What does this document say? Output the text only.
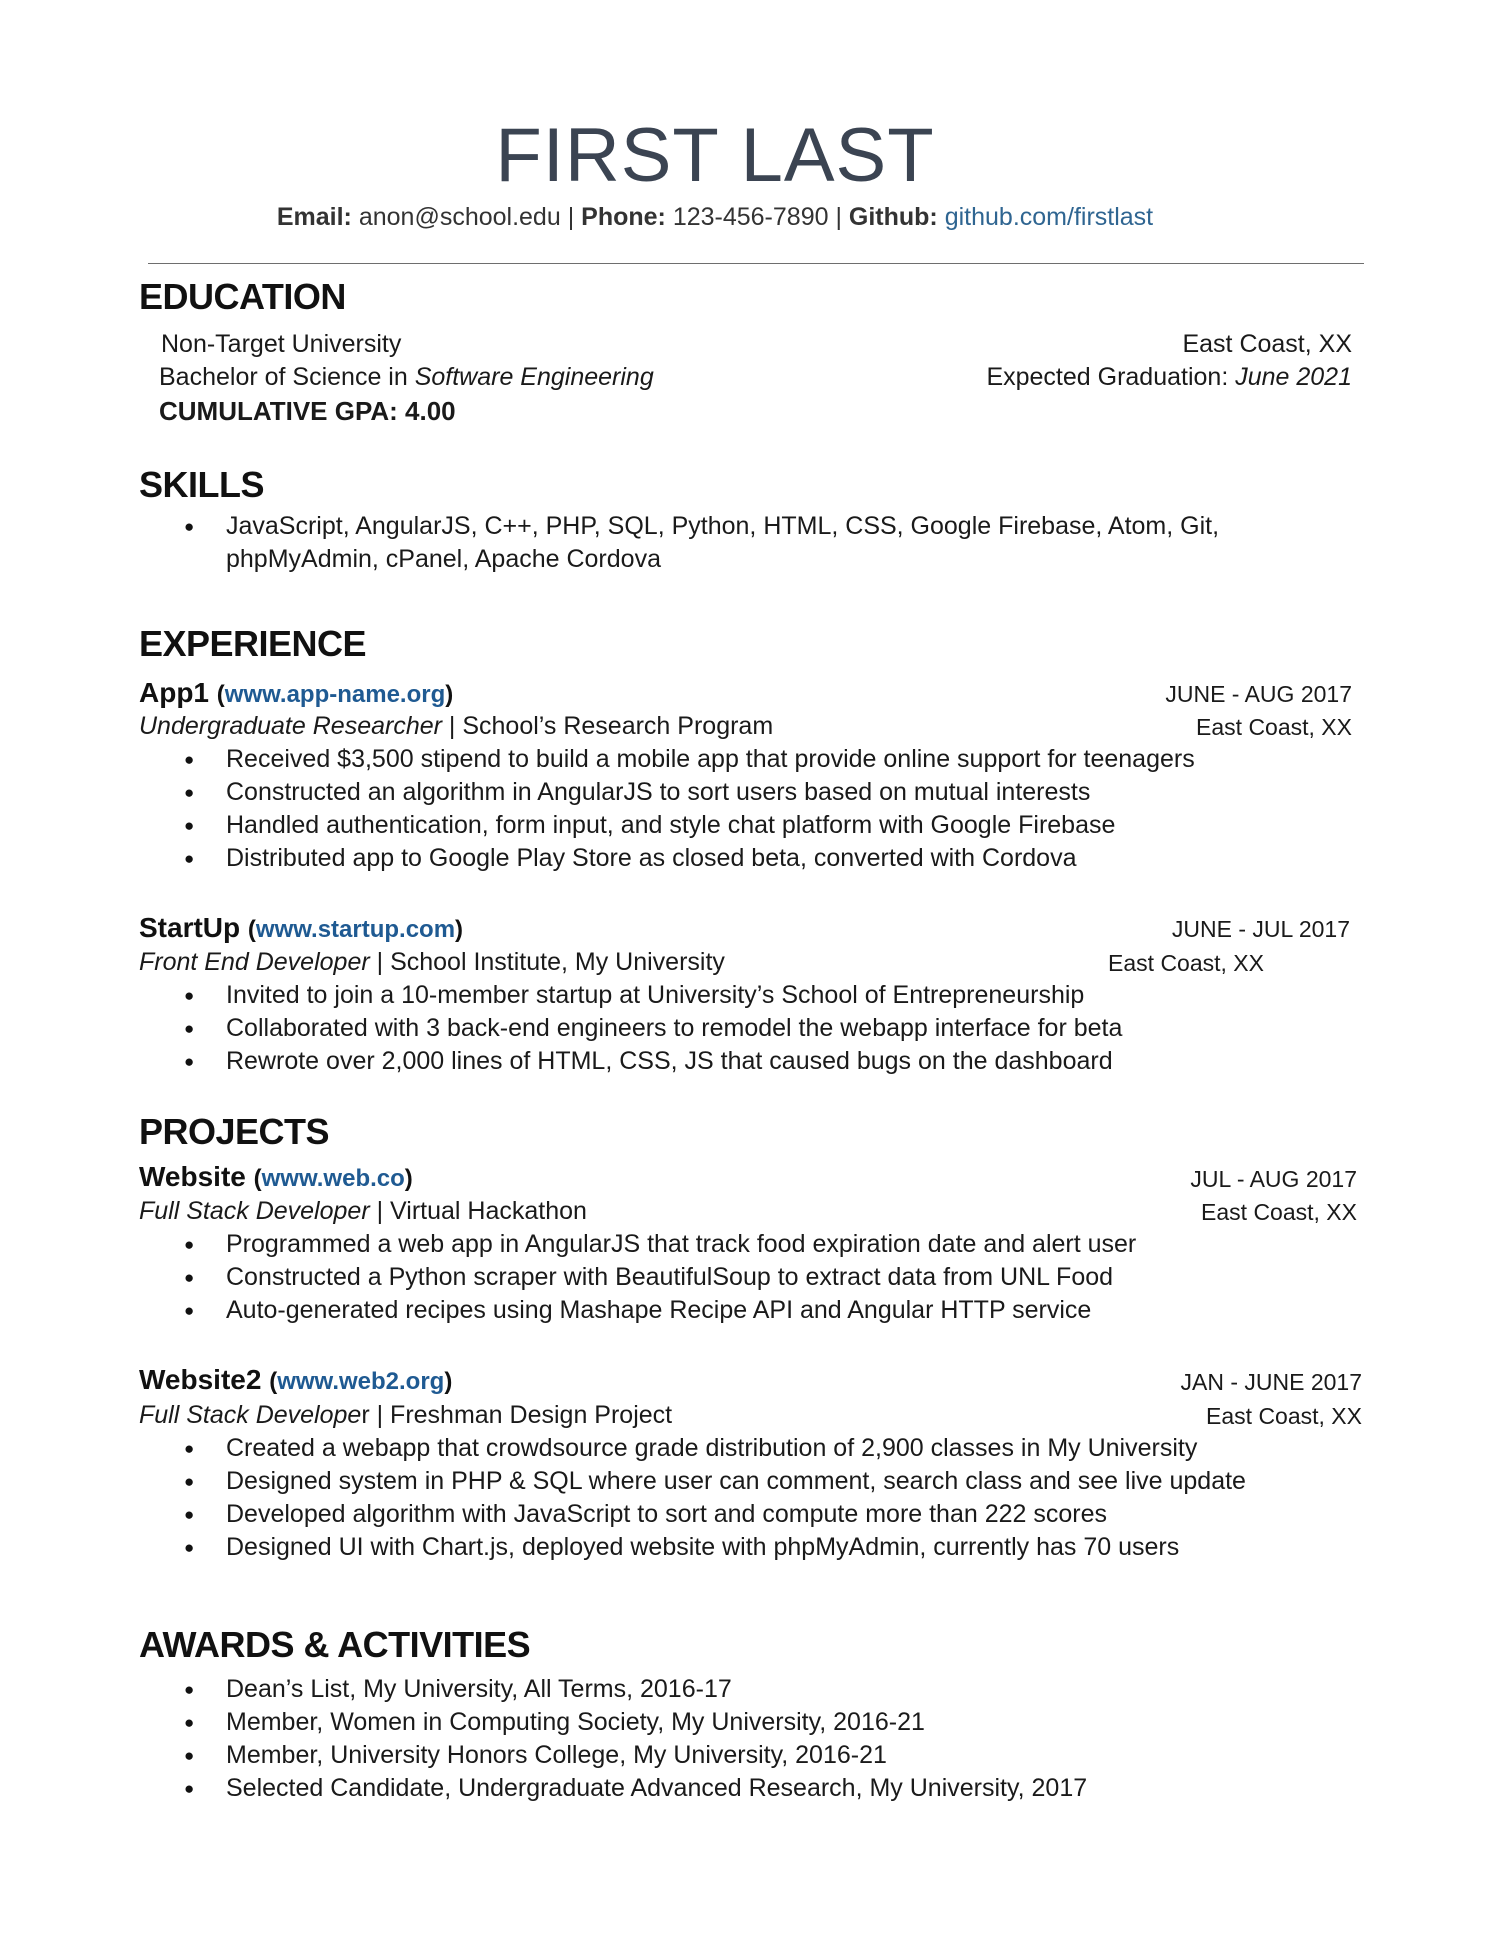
FIRST LAST
Email: anon@school.edu | Phone: 123-456-7890 | Github: github.com/firstlast
EDUCATION
Non-Target University	East Coast, XX
Bachelor of Science in Software Engineering	Expected Graduation: June 2021
CUMULATIVE GPA: 4.00
SKILLS
● JavaScript, AngularJS, C++, PHP, SQL, Python, HTML, CSS, Google Firebase, Atom, Git, phpMyAdmin, cPanel, Apache Cordova
EXPERIENCE
App1 (www.app-name.org)	JUNE - AUG 2017
Undergraduate Researcher | School’s Research Program	East Coast, XX
● Received $3,500 stipend to build a mobile app that provide online support for teenagers
● Constructed an algorithm in AngularJS to sort users based on mutual interests
● Handled authentication, form input, and style chat platform with Google Firebase
● Distributed app to Google Play Store as closed beta, converted with Cordova
StartUp (www.startup.com)	JUNE - JUL 2017
Front End Developer | School Institute, My University	East Coast, XX
● Invited to join a 10-member startup at University’s School of Entrepreneurship
● Collaborated with 3 back-end engineers to remodel the webapp interface for beta
● Rewrote over 2,000 lines of HTML, CSS, JS that caused bugs on the dashboard
PROJECTS
Website (www.web.co)	JUL - AUG 2017
Full Stack Developer | Virtual Hackathon	East Coast, XX
● Programmed a web app in AngularJS that track food expiration date and alert user
● Constructed a Python scraper with BeautifulSoup to extract data from UNL Food
● Auto-generated recipes using Mashape Recipe API and Angular HTTP service
Website2 (www.web2.org)	JAN - JUNE 2017
Full Stack Developer | Freshman Design Project	East Coast, XX
● Created a webapp that crowdsource grade distribution of 2,900 classes in My University
● Designed system in PHP & SQL where user can comment, search class and see live update
● Developed algorithm with JavaScript to sort and compute more than 222 scores
● Designed UI with Chart.js, deployed website with phpMyAdmin, currently has 70 users
AWARDS & ACTIVITIES
● Dean’s List, My University, All Terms, 2016-17
● Member, Women in Computing Society, My University, 2016-21
● Member, University Honors College, My University, 2016-21
● Selected Candidate, Undergraduate Advanced Research, My University, 2017
